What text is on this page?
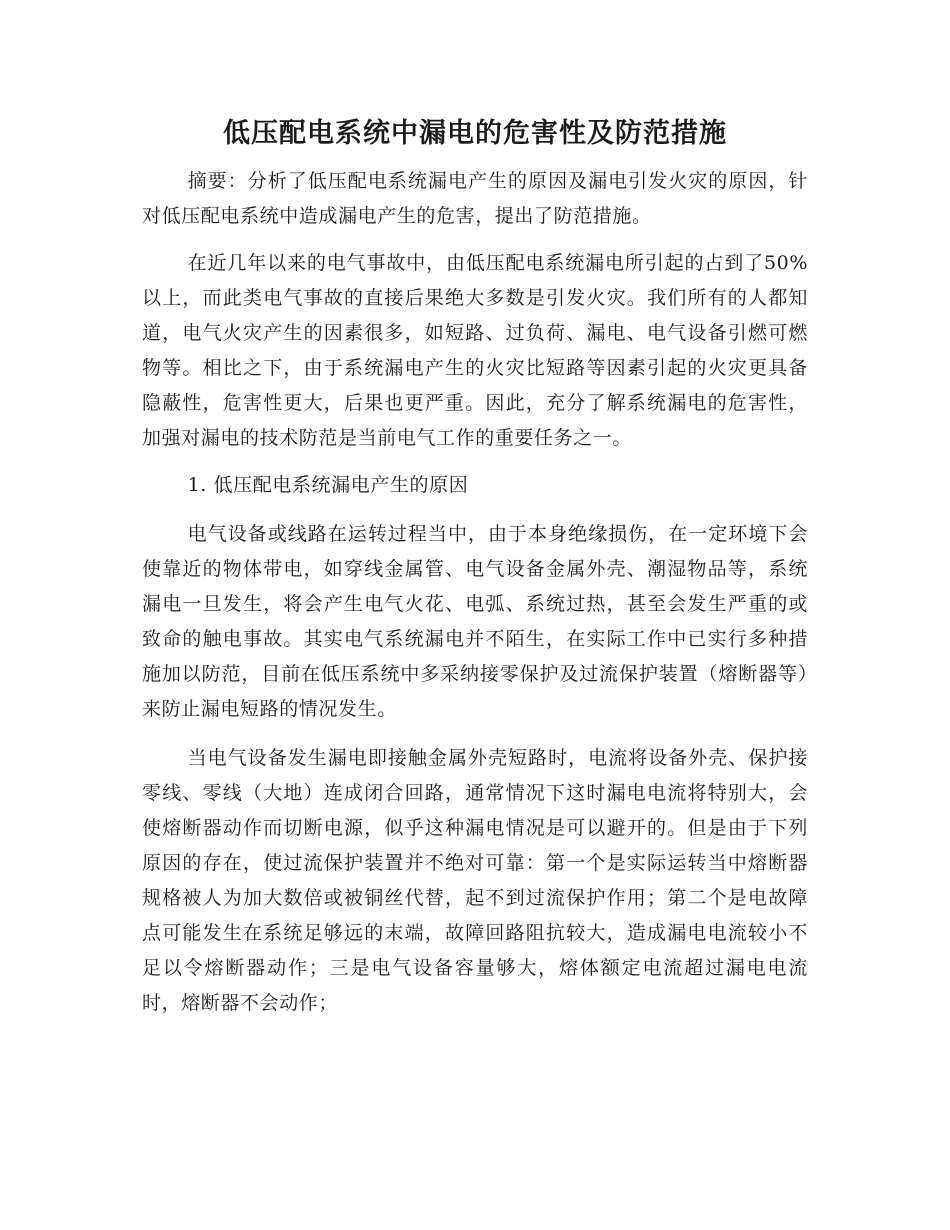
低压配电系统中漏电的危害性及防范措施

摘要：分析了低压配电系统漏电产生的原因及漏电引发火灾的原因，针对低压配电系统中造成漏电产生的危害，提出了防范措施。

在近几年以来的电气事故中，由低压配电系统漏电所引起的占到了50%以上，而此类电气事故的直接后果绝大多数是引发火灾。我们所有的人都知道，电气火灾产生的因素很多，如短路、过负荷、漏电、电气设备引燃可燃物等。相比之下，由于系统漏电产生的火灾比短路等因素引起的火灾更具备隐蔽性，危害性更大，后果也更严重。因此，充分了解系统漏电的危害性，加强对漏电的技术防范是当前电气工作的重要任务之一。

1. 低压配电系统漏电产生的原因

电气设备或线路在运转过程当中，由于本身绝缘损伤，在一定环境下会使靠近的物体带电，如穿线金属管、电气设备金属外壳、潮湿物品等，系统漏电一旦发生，将会产生电气火花、电弧、系统过热，甚至会发生严重的或致命的触电事故。其实电气系统漏电并不陌生，在实际工作中已实行多种措施加以防范，目前在低压系统中多采纳接零保护及过流保护装置（熔断器等）来防止漏电短路的情况发生。

当电气设备发生漏电即接触金属外壳短路时，电流将设备外壳、保护接零线、零线（大地）连成闭合回路，通常情况下这时漏电电流将特别大，会使熔断器动作而切断电源，似乎这种漏电情况是可以避开的。但是由于下列原因的存在，使过流保护装置并不绝对可靠：第一个是实际运转当中熔断器规格被人为加大数倍或被铜丝代替，起不到过流保护作用；第二个是电故障点可能发生在系统足够远的末端，故障回路阻抗较大，造成漏电电流较小不足以令熔断器动作；三是电气设备容量够大，熔体额定电流超过漏电电流时，熔断器不会动作；
